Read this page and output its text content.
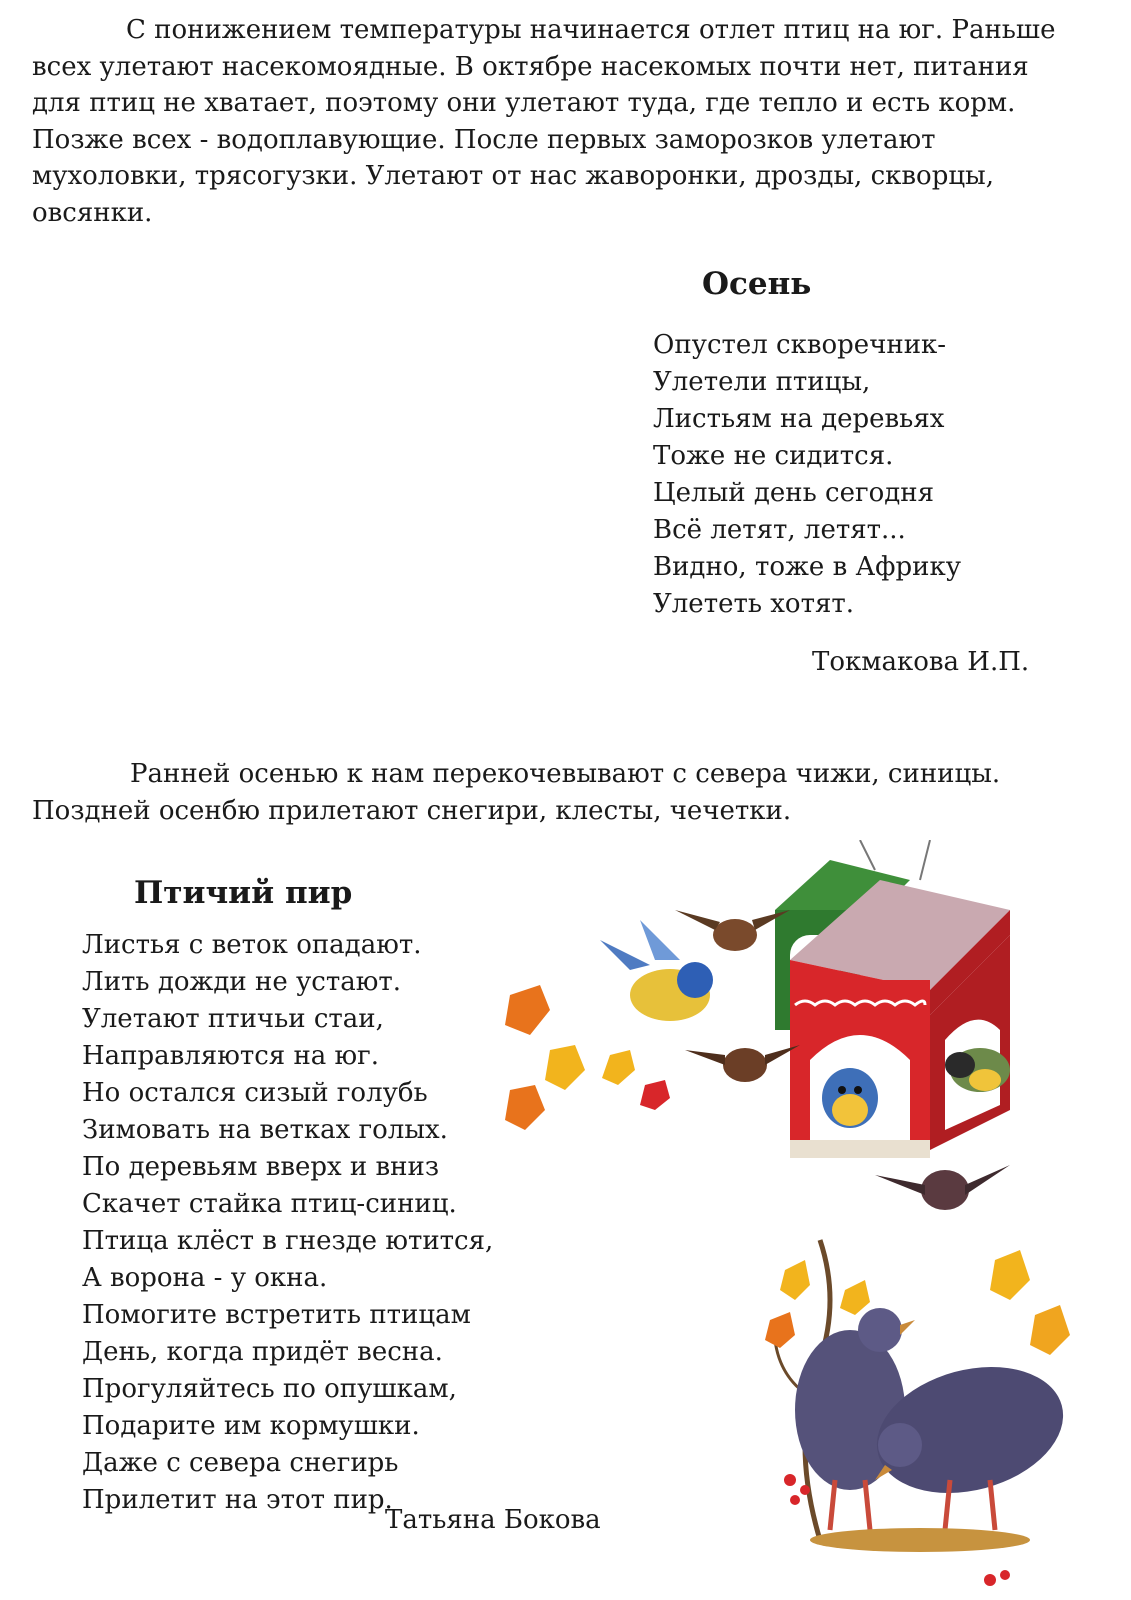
С понижением температуры начинается отлет птиц на юг. Раньше
всех улетают насекомоядные. В октябре насекомых почти нет, питания
для птиц не хватает, поэтому они улетают туда, где тепло и есть корм.
Позже всех - водоплавующие. После первых заморозков улетают
мухоловки, трясогузки. Улетают от нас жаворонки, дрозды, скворцы,
овсянки.
Осень
Опустел скворечник-
Улетели птицы,
Листьям на деревьях
Тоже не сидится.
Целый день сегодня
Всё летят, летят...
Видно, тоже в Африку
Улететь хотят.
Токмакова И.П.
Ранней осенью к нам перекочевывают с севера чижи, синицы.
Поздней осенбю прилетают снегири, клесты, чечетки.
Птичий пир
Листья с веток опадают.
Лить дожди не устают.
Улетают птичьи стаи,
Направляются на юг.
Но остался сизый голубь
Зимовать на ветках голых.
По деревьям вверх и вниз
Скачет стайка птиц-синиц.
Птица клёст в гнезде ютится,
А ворона - у окна.
Помогите встретить птицам
День, когда придёт весна.
Прогуляйтесь по опушкам,
Подарите им кормушки.
Даже с севера снегирь
Прилетит на этот пир.
Татьяна Бокова
